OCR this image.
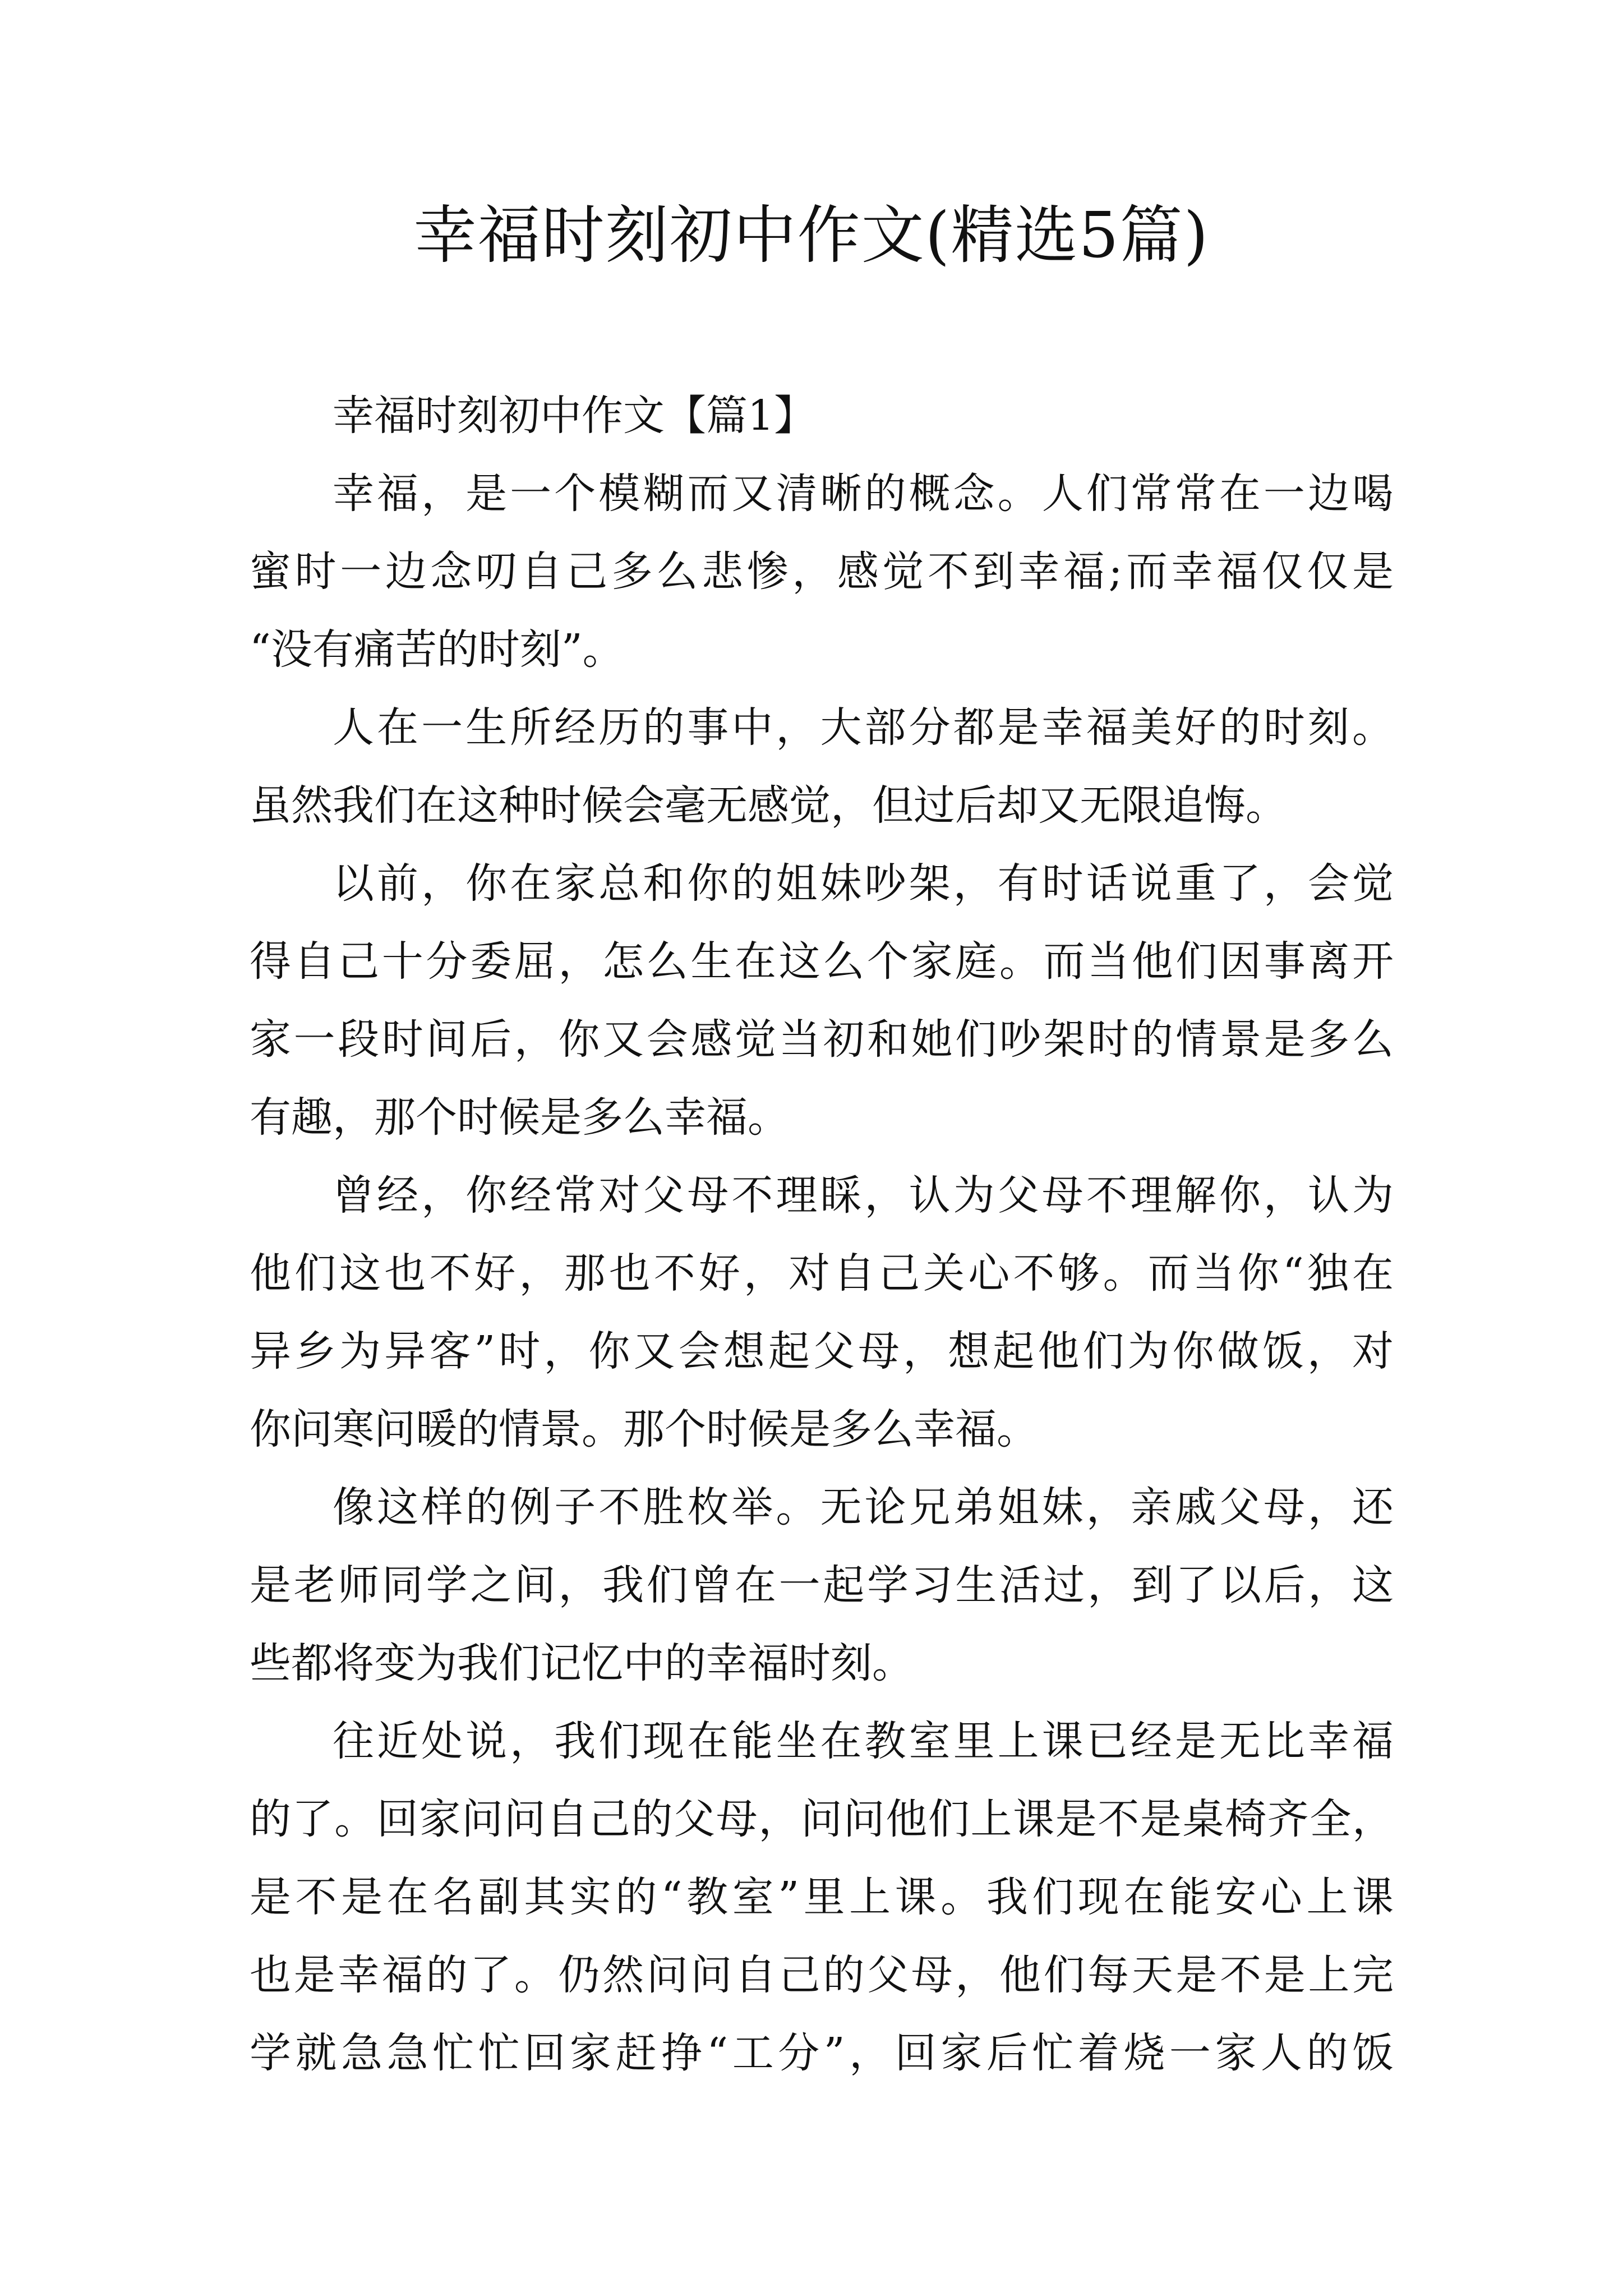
幸福时刻初中作文(精选5篇)
幸福时刻初中作文【篇1】
幸福，是一个模糊而又清晰的概念。人们常常在一边喝
蜜时一边念叨自己多么悲惨，感觉不到幸福;而幸福仅仅是
“没有痛苦的时刻”。
人在一生所经历的事中，大部分都是幸福美好的时刻。
虽然我们在这种时候会毫无感觉，但过后却又无限追悔。
以前，你在家总和你的姐妹吵架，有时话说重了，会觉
得自己十分委屈，怎么生在这么个家庭。而当他们因事离开
家一段时间后，你又会感觉当初和她们吵架时的情景是多么
有趣，那个时候是多么幸福。
曾经，你经常对父母不理睬，认为父母不理解你，认为
他们这也不好，那也不好，对自己关心不够。而当你“独在
异乡为异客”时，你又会想起父母，想起他们为你做饭，对
你问寒问暖的情景。那个时候是多么幸福。
像这样的例子不胜枚举。无论兄弟姐妹，亲戚父母，还
是老师同学之间，我们曾在一起学习生活过，到了以后，这
些都将变为我们记忆中的幸福时刻。
往近处说，我们现在能坐在教室里上课已经是无比幸福
的了。回家问问自己的父母，问问他们上课是不是桌椅齐全，
是不是在名副其实的“教室”里上课。我们现在能安心上课
也是幸福的了。仍然问问自己的父母，他们每天是不是上完
学就急急忙忙回家赶挣“工分”，回家后忙着烧一家人的饭
